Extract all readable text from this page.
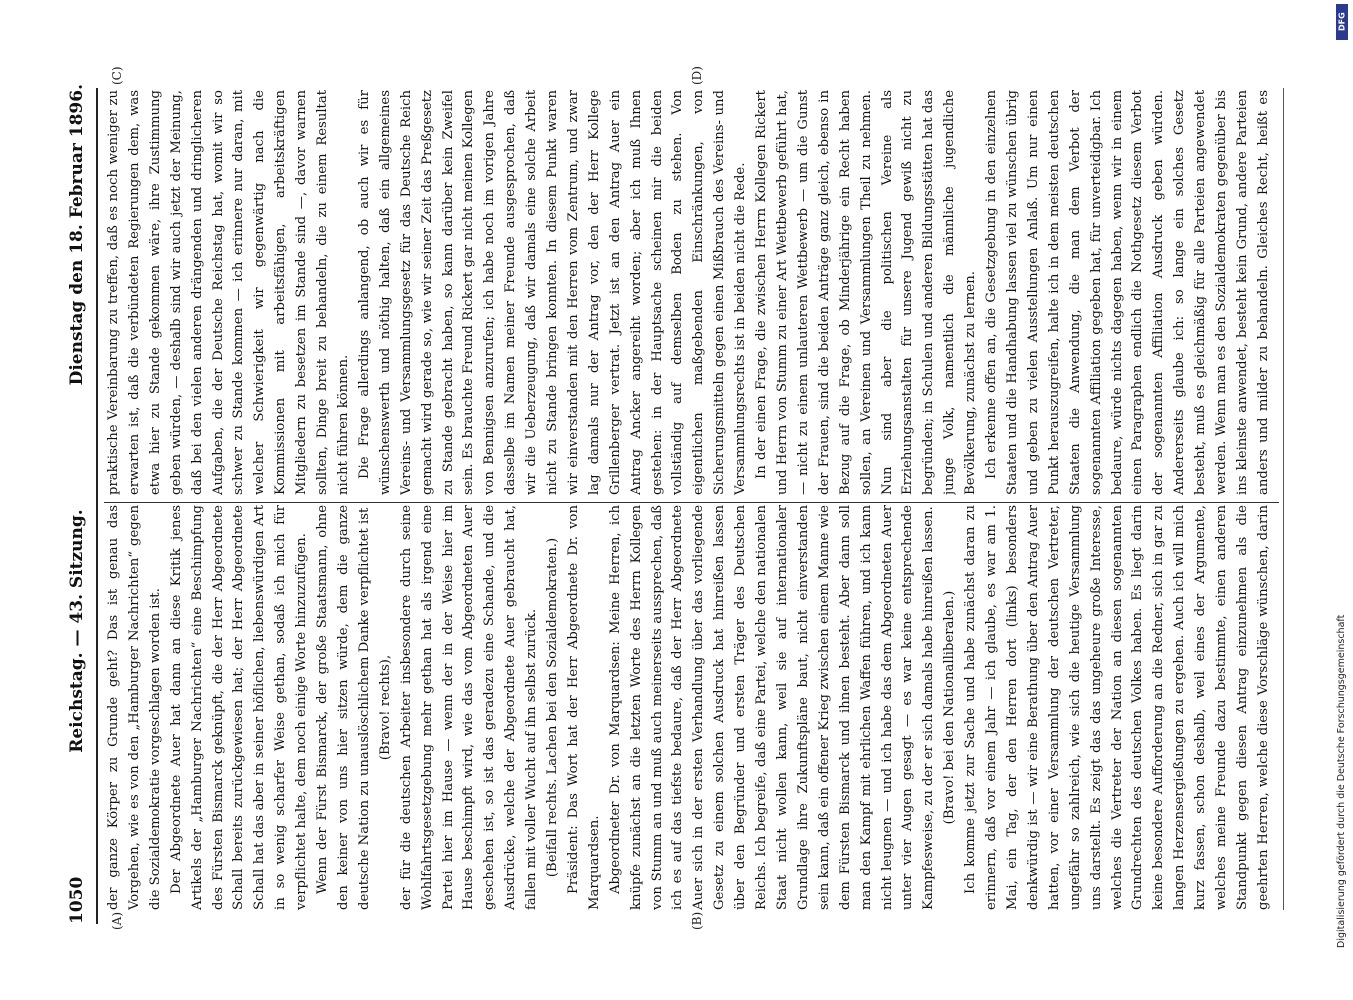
1050
Reichstag. — 43. Sitzung.
Dienstag den 18. Februar 1896.
(A)	(B)
(C)	(D)

der ganze Körper zu Grunde geht? Das ist genau das Vorgehen, wie es von den „Hamburger Nachrichten“ gegen die Sozialdemokratie vorgeschlagen worden ist. Der Abgeordnete Auer hat dann an diese Kritik jenes Artikels der „Hamburger Nachrichten“ eine Beschimpfung des Fürsten Bismarck geknüpft, die der Herr Abgeordnete Schall bereits zurückgewiesen hat; der Herr Abgeordnete Schall hat das aber in seiner höflichen, liebenswürdigen Art in so wenig scharfer Weise gethan, sodaß ich mich für verpflichtet halte, dem noch einige Worte hinzuzufügen. Wenn der Fürst Bismarck, der große Staatsmann, ohne den keiner von uns hier sitzen würde, dem die ganze deutsche Nation zu unauslöschlichem Danke verpflichtet ist (Bravo! rechts), der für die deutschen Arbeiter insbesondere durch seine Wohlfahrtsgesetzgebung mehr gethan hat als irgend eine Partei hier im Hause — wenn der in der Weise hier im Hause beschimpft wird, wie das vom Abgeordneten Auer geschehen ist, so ist das geradezu eine Schande, und die Ausdrücke, welche der Abgeordnete Auer gebraucht hat, fallen mit voller Wucht auf ihn selbst zurück. (Beifall rechts. Lachen bei den Sozialdemokraten.) Präsident: Das Wort hat der Herr Abgeordnete Dr. von Marquardsen. Abgeordneter Dr. von Marquardsen: Meine Herren, ich knüpfe zunächst an die letzten Worte des Herrn Kollegen von Stumm an und muß auch meinerseits aussprechen, daß ich es auf das tiefste bedaure, daß der Herr Abgeordnete Auer sich in der ersten Verhandlung über das vorliegende Gesetz zu einem solchen Ausdruck hat hinreißen lassen über den Begründer und ersten Träger des Deutschen Reichs. Ich begreife, daß eine Partei, welche den nationalen Staat nicht wollen kann, weil sie auf internationaler Grundlage ihre Zukunftspläne baut, nicht einverstanden sein kann, daß ein offener Krieg zwischen einem Manne wie dem Fürsten Bismarck und ihnen besteht. Aber dann soll man den Kampf mit ehrlichen Waffen führen, und ich kann nicht leugnen — und ich habe das dem Abgeordneten Auer unter vier Augen gesagt — es war keine entsprechende Kampfesweise, zu der er sich damals habe hinreißen lassen. (Bravo! bei den Nationalliberalen.)

Ich komme jetzt zur Sache und habe zunächst daran zu erinnern, daß vor einem Jahr — ich glaube, es war am 1. Mai, ein Tag, der den Herren dort (links) besonders denkwürdig ist — wir eine Berathung über den Antrag Auer hatten, vor einer Versammlung der deutschen Vertreter, ungefähr so zahlreich, wie sich die heutige Versammlung uns darstellt. Es zeigt das das ungeheure große Interesse, welches die Vertreter der Nation an diesen sogenannten Grundrechten des deutschen Volkes haben. Es liegt darin keine besondere Aufforderung an die Redner, sich in gar zu langen Herzensergießungen zu ergehen. Auch ich will mich kurz fassen, schon deshalb, weil eines der Argumente, welches meine Freunde dazu bestimmte, einen anderen Standpunkt gegen diesen Antrag einzunehmen als die geehrten Herren, welche diese Vorschläge wünschen, darin

praktische Vereinbarung zu treffen, daß es noch weniger zu erwarten ist, daß die verbündeten Regierungen dem, was etwa hier zu Stande gekommen wäre, ihre Zustimmung geben würden, — deshalb sind wir auch jetzt der Meinung, daß bei den vielen anderen drängenden und dringlicheren Aufgaben, die der Deutsche Reichstag hat, womit wir so schwer zu Stande kommen — ich erinnere nur daran, mit welcher Schwierigkeit wir gegenwärtig nach die Kommissionen mit arbeitsfähigen, arbeitskräftigen Mitgliedern zu besetzen im Stande sind —, davor warnen sollten, Dinge breit zu behandeln, die zu einem Resultat nicht führen können. Die Frage allerdings anlangend, ob auch wir es für wünschenswerth und nöthig halten, daß ein allgemeines Vereins- und Versammlungsgesetz für das Deutsche Reich gemacht wird gerade so, wie wir seiner Zeit das Preßgesetz zu Stande gebracht haben, so kann darüber kein Zweifel sein. Es brauchte Freund Rickert gar nicht meinen Kollegen von Bennigsen anzurufen; ich habe noch im vorigen Jahre dasselbe im Namen meiner Freunde ausgesprochen, daß wir die Ueberzeugung, daß wir damals eine solche Arbeit nicht zu Stande bringen konnten. In diesem Punkt waren wir einverstanden mit den Herren vom Zentrum, und zwar lag damals nur der Antrag vor, den der Herr Kollege Grillenberger vertrat. Jetzt ist an den Antrag Auer ein Antrag Ancker angereiht worden; aber ich muß Ihnen gestehen: in der Hauptsache scheinen mir die beiden vollständig auf demselben Boden zu stehen. Von eigentlichen maßgebenden Einschränkungen, von Sicherungsmitteln gegen einen Mißbrauch des Vereins- und Versammlungsrechts ist in beiden nicht die Rede. In der einen Frage, die zwischen Herrn Kollegen Rickert und Herrn von Stumm zu einer Art Wettbewerb geführt hat, — nicht zu einem unlauteren Wettbewerb — um die Gunst der Frauen, sind die beiden Anträge ganz gleich, ebenso in Bezug auf die Frage, ob Minderjährige ein Recht haben sollen, an Vereinen und Versammlungen Theil zu nehmen. Nun sind aber die politischen Vereine als Erziehungsanstalten für unsere Jugend gewiß nicht zu begründen; in Schulen und anderen Bildungsstätten hat das junge Volk, namentlich die männliche jugendliche Bevölkerung, zunächst zu lernen. Ich erkenne offen an, die Gesetzgebung in den einzelnen Staaten und die Handhabung lassen viel zu wünschen übrig und geben zu vielen Ausstellungen Anlaß. Um nur einen Punkt herauszugreifen, halte ich in dem meisten deutschen Staaten die Anwendung, die man dem Verbot der sogenannten Affiliation gegeben hat, für unverteidigbar. Ich bedaure, würde nichts dagegen haben, wenn wir in einem einen Paragraphen endlich die Nothgesetz diesem Verbot der sogenannten Affiliation Ausdruck geben würden. Andererseits glaube ich: so lange ein solches Gesetz besteht, muß es gleichmäßig für alle Parteien angewendet werden. Wenn man es den Sozialdemokraten gegenüber bis ins kleinste anwendet, besteht kein Grund, andere Parteien anders und milder zu behandeln. Gleiches Recht, heißt es

DFG
Digitalisierung gefördert durch die Deutsche Forschungsgemeinschaft
